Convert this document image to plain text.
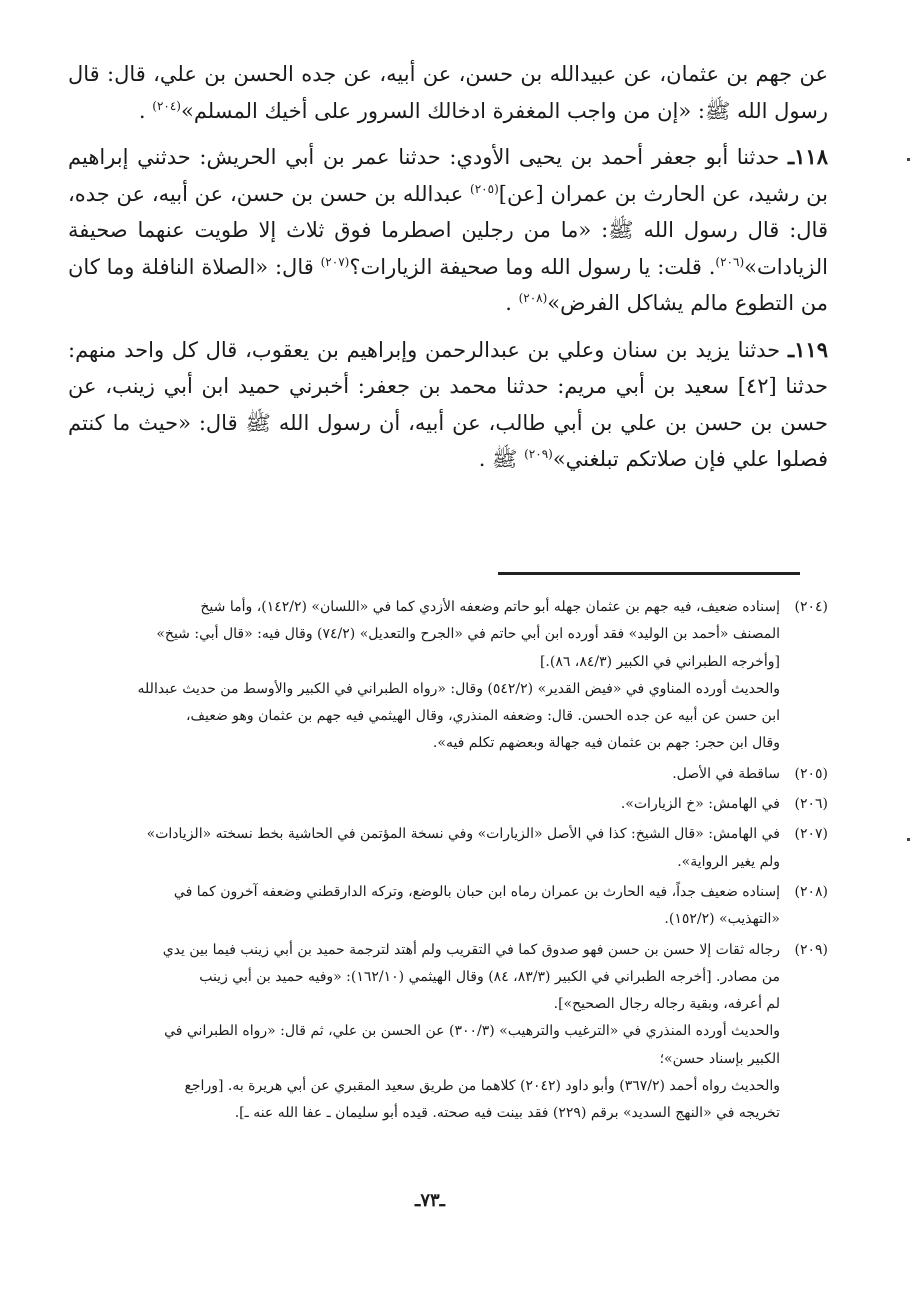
عن جهم بن عثمان، عن عبيدالله بن حسن، عن أبيه، عن جده الحسن بن علي، قال: قال رسول الله ﷺ: «إن من واجب المغفرة ادخالك السرور على أخيك المسلم»$^{(٢٠٤)}$ .

١١٨ـ حدثنا أبو جعفر أحمد بن يحيى الأودي: حدثنا عمر بن أبي الحريش: حدثني إبراهيم بن رشيد، عن الحارث بن عمران [عن]$^{(٢٠٥)}$ عبدالله بن حسن بن حسن، عن أبيه، عن جده، قال: قال رسول الله ﷺ: «ما من رجلين اصطرما فوق ثلاث إلا طويت عنهما صحيفة الزيادات»$^{(٢٠٦)}$. قلت: يا رسول الله وما صحيفة الزيارات؟$^{(٢٠٧)}$ قال: «الصلاة النافلة وما كان من التطوع مالم يشاكل الفرض»$^{(٢٠٨)}$ .

١١٩ـ حدثنا يزيد بن سنان وعلي بن عبدالرحمن وإبراهيم بن يعقوب، قال كل واحد منهم: حدثنا [٤٢] سعيد بن أبي مريم: حدثنا محمد بن جعفر: أخبرني حميد ابن أبي زينب، عن حسن بن حسن بن علي بن أبي طالب، عن أبيه، أن رسول الله ﷺ قال: «حيث ما كنتم فصلوا علي فإن صلاتكم تبلغني»$^{(٢٠٩)}$ ﷺ .

(٢٠٤)
إسناده ضعيف، فيه جهم بن عثمان جهله أبو حاتم وضعفه الأزدي كما في «اللسان» (١٤٢/٢)، وأما شيخ
المصنف «أحمد بن الوليد» فقد أورده ابن أبي حاتم في «الجرح والتعديل» (٧٤/٢) وقال فيه: «قال أبي: شيخ»
[وأخرجه الطبراني في الكبير (٨٤/٣، ٨٦).]
والحديث أورده المناوي في «فيض القدير» (٥٤٢/٢) وقال: «رواه الطبراني في الكبير والأوسط من حديث عبدالله
ابن حسن عن أبيه عن جده الحسن. قال: وضعفه المنذري، وقال الهيثمي فيه جهم بن عثمان وهو ضعيف،
وقال ابن حجر: جهم بن عثمان فيه جهالة وبعضهم تكلم فيه».
(٢٠٥)
ساقطة في الأصل.
(٢٠٦)
في الهامش: «خ الزيارات».
(٢٠٧)
في الهامش: «قال الشيخ: كذا في الأصل «الزيارات» وفي نسخة المؤتمن في الحاشية بخط نسخته «الزيادات»
ولم يغير الرواية».
(٢٠٨)
إسناده ضعيف جداً، فيه الحارث بن عمران رماه ابن حبان بالوضع، وتركه الدارقطني وضعفه آخرون كما في
«التهذيب» (١٥٢/٢).
(٢٠٩)
رجاله ثقات إلا حسن بن حسن فهو صدوق كما في التقريب ولم أهتد لترجمة حميد بن أبي زينب فيما بين يدي
من مصادر. [أخرجه الطبراني في الكبير (٨٣/٣، ٨٤) وقال الهيثمي (١٦٢/١٠): «وفيه حميد بن أبي زينب
لم أعرفه، وبقية رجاله رجال الصحيح»].
والحديث أورده المنذري في «الترغيب والترهيب» (٣٠٠/٣) عن الحسن بن علي، ثم قال: «رواه الطبراني في
الكبير بإسناد حسن»؛
والحديث رواه أحمد (٣٦٧/٢) وأبو داود (٢٠٤٢) كلاهما من طريق سعيد المقبري عن أبي هريرة به. [وراجع
تخريجه في «النهج السديد» برقم (٢٢٩) فقد بينت فيه صحته. قيده أبو سليمان ـ عفا الله عنه ـ].
ـ٧٣ـ
